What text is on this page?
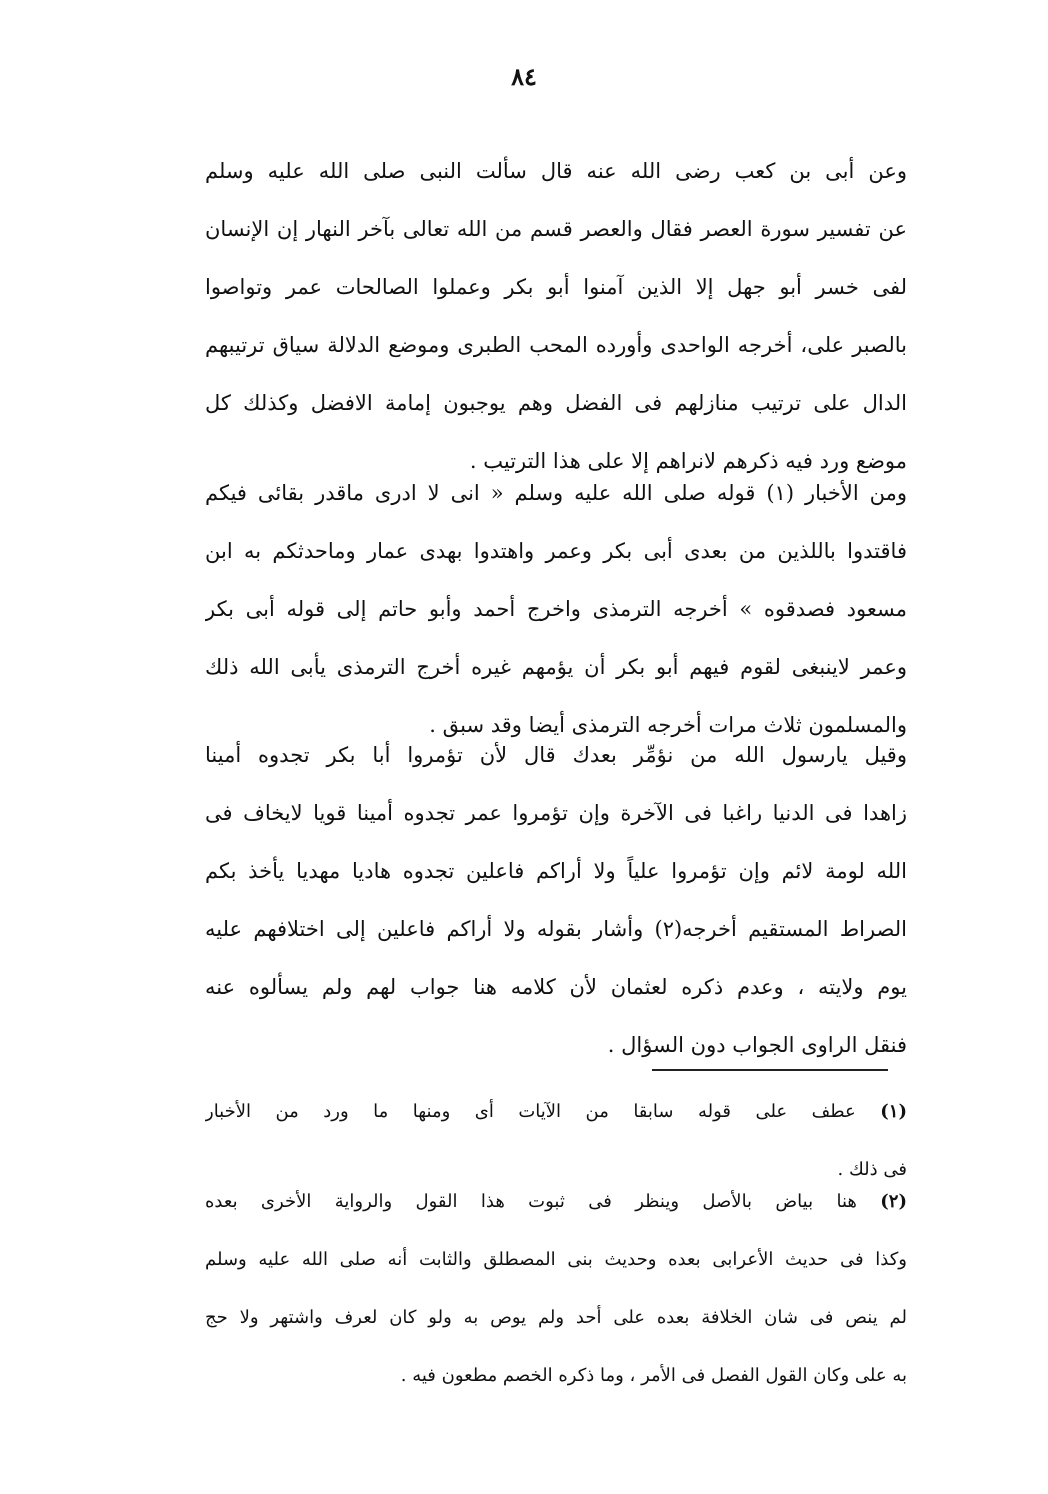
٨٤
وعن أبى بن كعب رضى الله عنه قال سألت النبى صلى الله عليه وسلم
عن تفسير سورة العصر فقال والعصر قسم من الله تعالى بآخر النهار إن الإنسان
لفى خسر أبو جهل إلا الذين آمنوا أبو بكر وعملوا الصالحات عمر وتواصوا
بالصبر على، أخرجه الواحدى وأورده المحب الطبرى وموضع الدلالة سياق ترتيبهم
الدال على ترتيب منازلهم فى الفضل وهم يوجبون إمامة الافضل وكذلك كل
موضع ورد فيه ذكرهم لانراهم إلا على هذا الترتيب .
ومن الأخبار (١) قوله صلى الله عليه وسلم « انى لا ادرى ماقدر بقائى فيكم
فاقتدوا باللذين من بعدى أبى بكر وعمر واهتدوا بهدى عمار وماحدثكم به ابن
مسعود فصدقوه » أخرجه الترمذى واخرج أحمد وأبو حاتم إلى قوله أبى بكر
وعمر لاينبغى لقوم فيهم أبو بكر أن يؤمهم غيره أخرج الترمذى يأبى الله ذلك
والمسلمون ثلاث مرات أخرجه الترمذى أيضا وقد سبق .
وقيل يارسول الله من نؤمِّر بعدك قال لأن تؤمروا أبا بكر تجدوه أمينا
زاهدا فى الدنيا راغبا فى الآخرة وإن تؤمروا عمر تجدوه أمينا قويا لايخاف فى
الله لومة لائم وإن تؤمروا علياً ولا أراكم فاعلين تجدوه هاديا مهديا يأخذ بكم
الصراط المستقيم أخرجه(٢) وأشار بقوله ولا أراكم فاعلين إلى اختلافهم عليه
يوم ولايته ، وعدم ذكره لعثمان لأن كلامه هنا جواب لهم ولم يسألوه عنه
فنقل الراوى الجواب دون السؤال .
(١) عطف على قوله سابقا من الآيات أى ومنها ما ورد من الأخبار
فى ذلك .
(٢) هنا بياض بالأصل وينظر فى ثبوت هذا القول والرواية الأخرى بعده
وكذا فى حديث الأعرابى بعده وحديث بنى المصطلق والثابت أنه صلى الله عليه وسلم
لم ينص فى شان الخلافة بعده على أحد ولم يوص به ولو كان لعرف واشتهر ولا حج
به على وكان القول الفصل فى الأمر ، وما ذكره الخصم مطعون فيه .
